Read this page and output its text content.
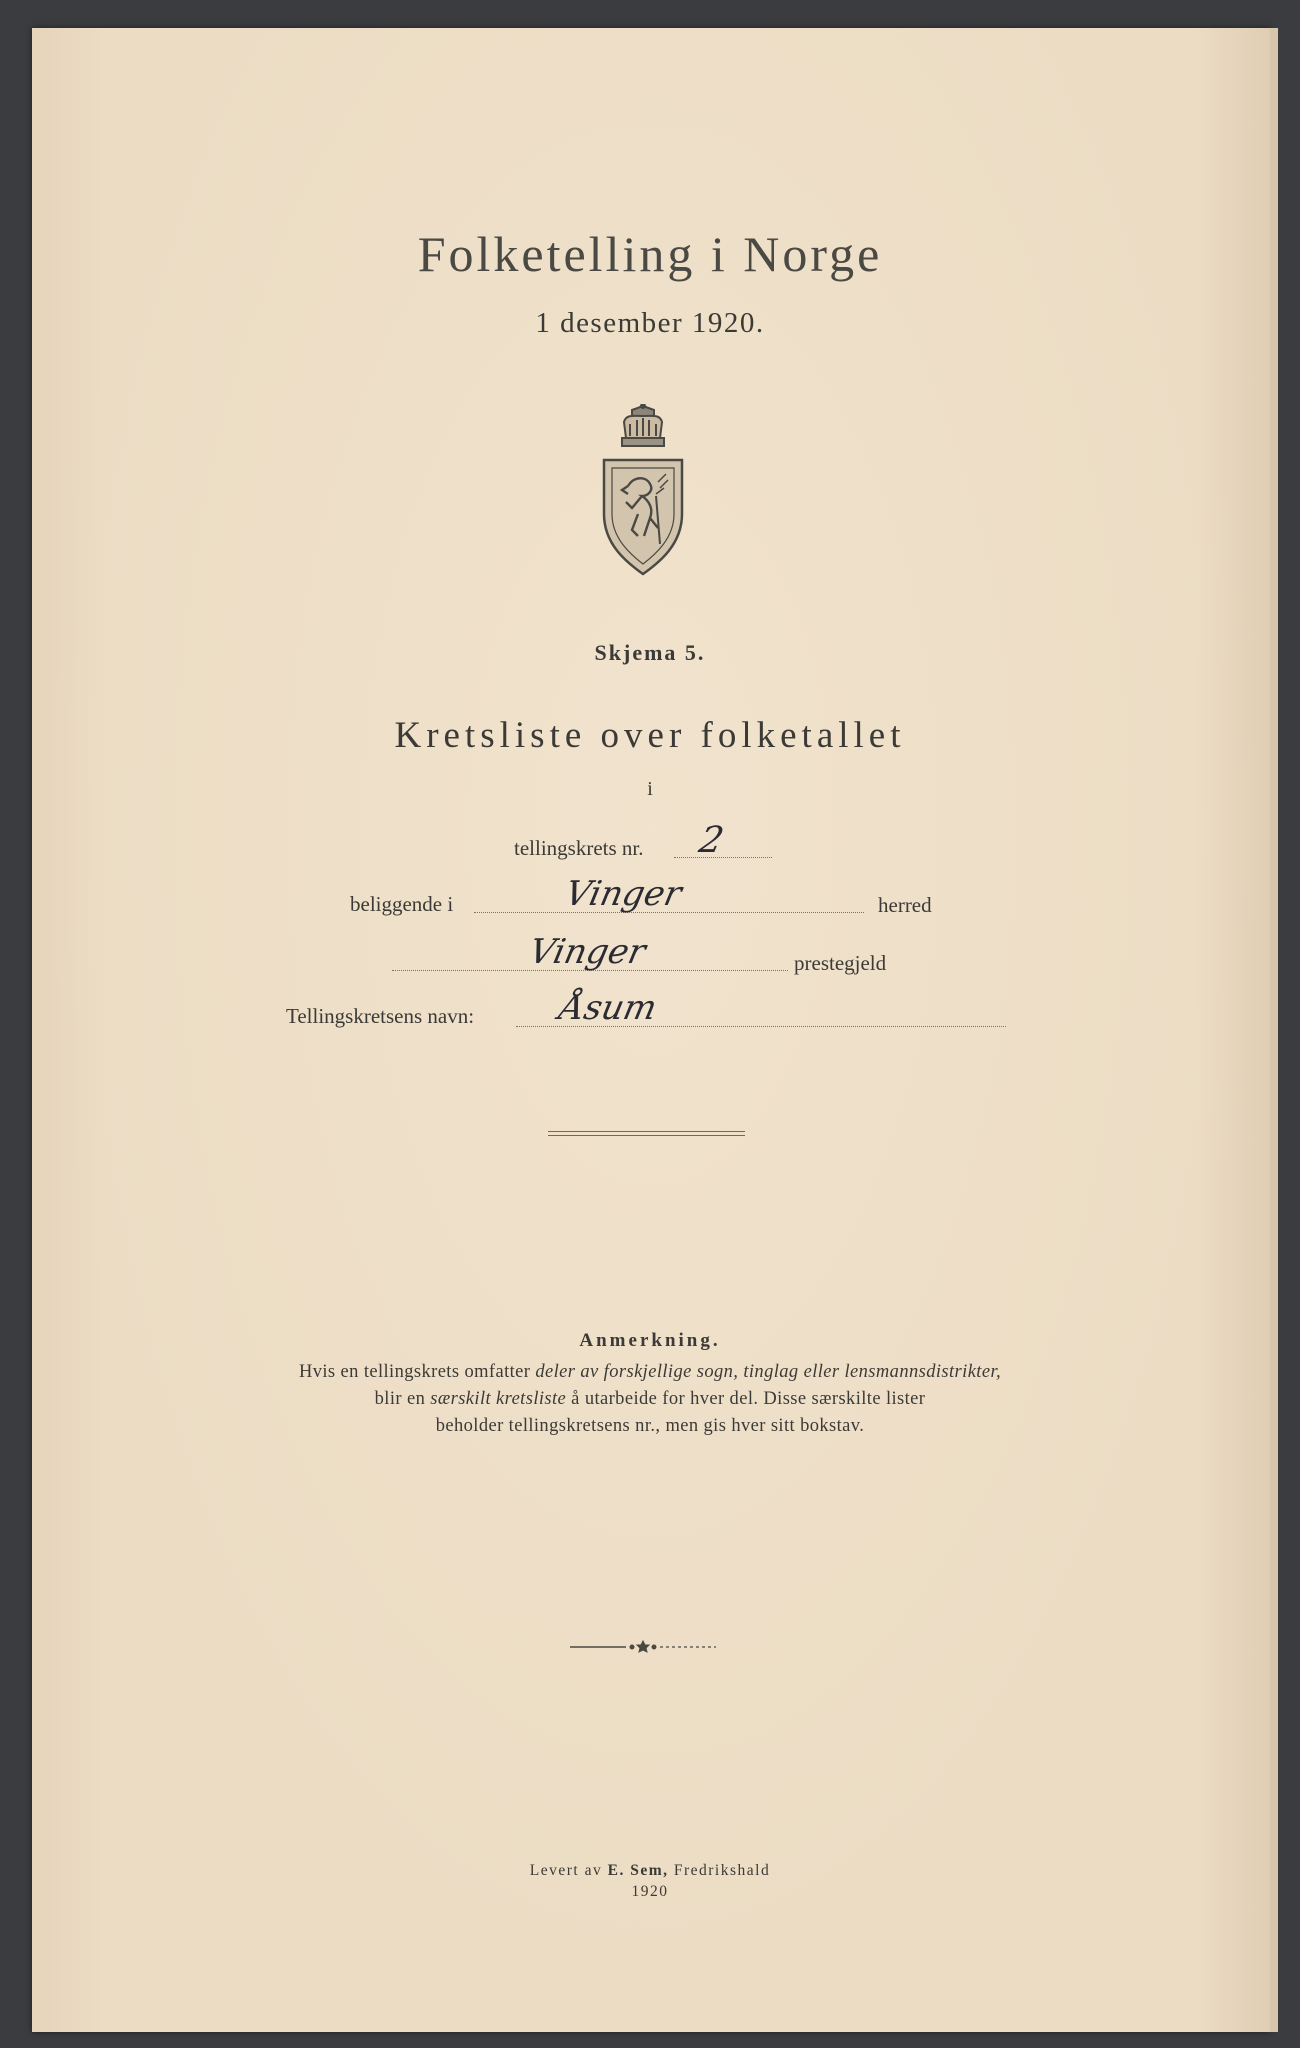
Folketelling i Norge
1 desember 1920.
Skjema 5.
Kretsliste over folketallet
i
tellingskrets nr. 2
beliggende i	Vinger	herred
Vinger	prestegjeld
Tellingskretsens navn: Åsum
Anmerkning.
Hvis en tellingskrets omfatter deler av forskjellige sogn, tinglag eller lensmannsdistrikter,
blir en særskilt kretsliste å utarbeide for hver del. Disse særskilte lister
beholder tellingskretsens nr., men gis hver sitt bokstav.
Levert av E. Sem, Fredrikshald
1920
